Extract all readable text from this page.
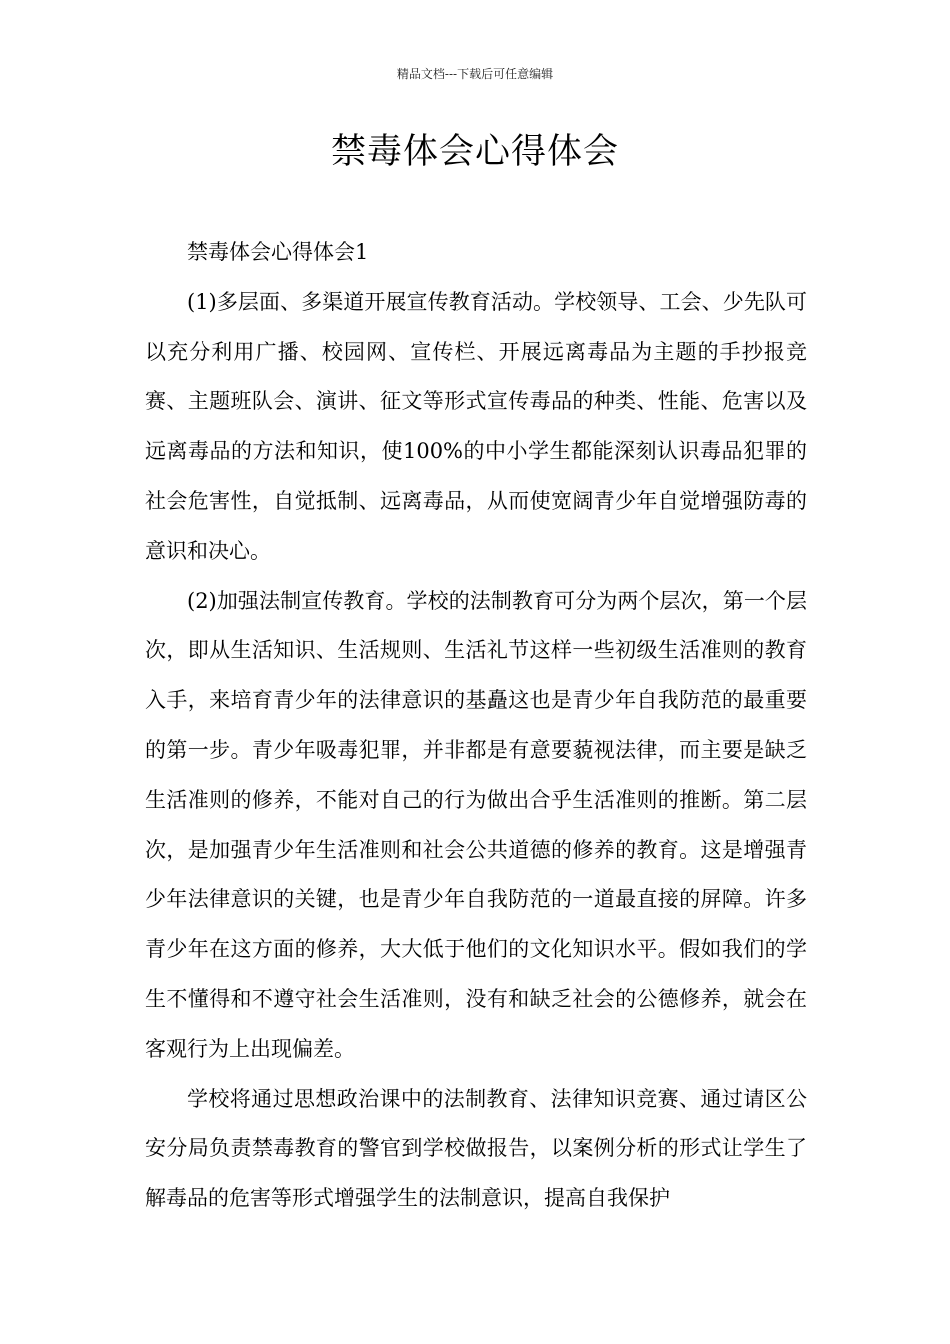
精品文档---下载后可任意编辑
禁毒体会心得体会

禁毒体会心得体会1

(1)多层面、多渠道开展宣传教育活动。学校领导、工会、少先队可以充分利用广播、校园网、宣传栏、开展远离毒品为主题的手抄报竞赛、主题班队会、演讲、征文等形式宣传毒品的种类、性能、危害以及远离毒品的方法和知识，使100%的中小学生都能深刻认识毒品犯罪的社会危害性，自觉抵制、远离毒品，从而使宽阔青少年自觉增强防毒的意识和决心。

(2)加强法制宣传教育。学校的法制教育可分为两个层次，第一个层次，即从生活知识、生活规则、生活礼节这样一些初级生活准则的教育入手，来培育青少年的法律意识的基矗这也是青少年自我防范的最重要的第一步。青少年吸毒犯罪，并非都是有意要藐视法律，而主要是缺乏生活准则的修养，不能对自己的行为做出合乎生活准则的推断。第二层次，是加强青少年生活准则和社会公共道德的修养的教育。这是增强青少年法律意识的关键，也是青少年自我防范的一道最直接的屏障。许多青少年在这方面的修养，大大低于他们的文化知识水平。假如我们的学生不懂得和不遵守社会生活准则，没有和缺乏社会的公德修养，就会在客观行为上出现偏差。

学校将通过思想政治课中的法制教育、法律知识竞赛、通过请区公安分局负责禁毒教育的警官到学校做报告，以案例分析的形式让学生了解毒品的危害等形式增强学生的法制意识，提高自我保护
